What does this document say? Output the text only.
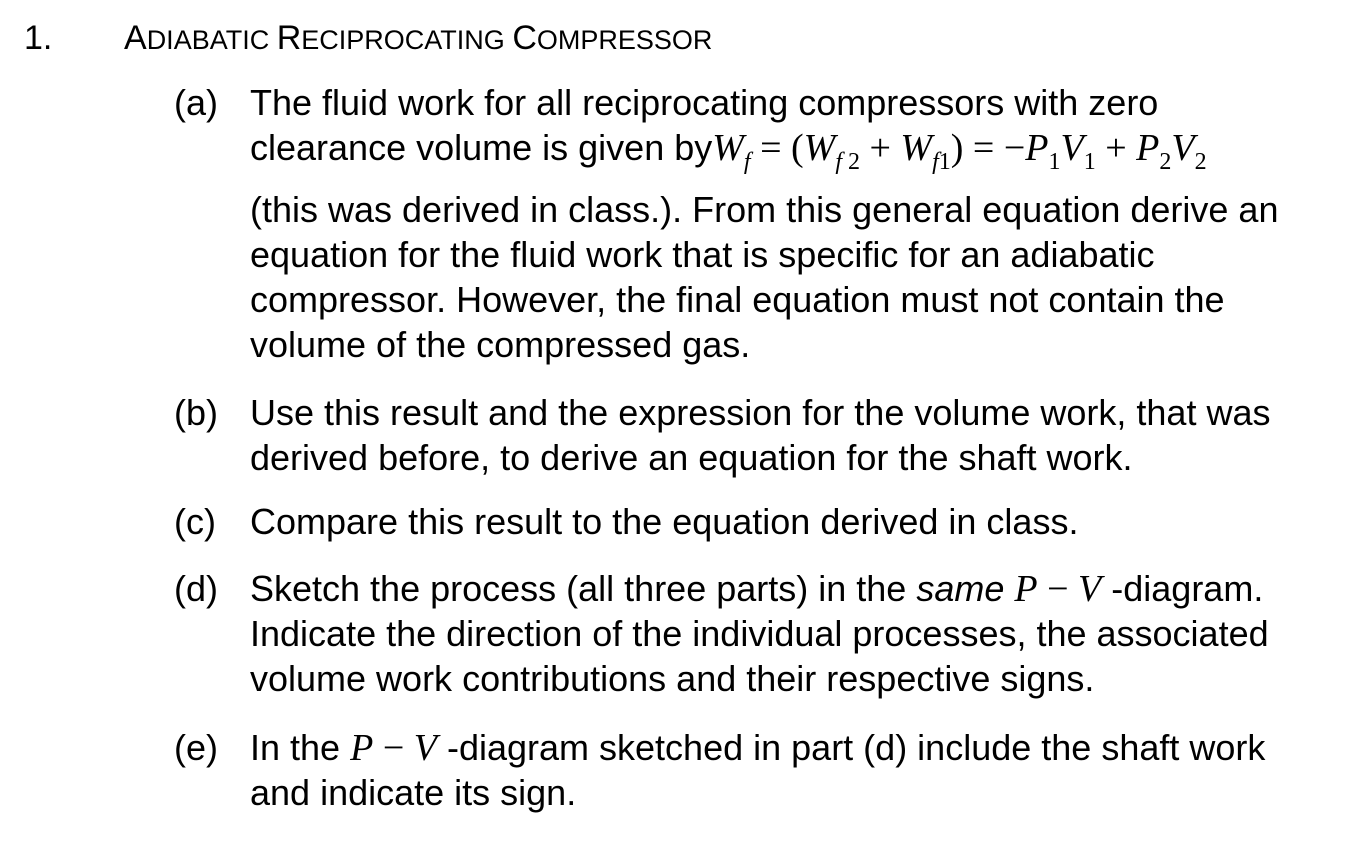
1. ADIABATIC RECIPROCATING COMPRESSOR
(a) The fluid work for all reciprocating compressors with zero
clearance volume is given $byW_f = (W_{f 2} + W_{f1}) = -P_1V_1 + P_2V_2$
(this was derived in class.). From this general equation derive an
equation for the fluid work that is specific for an adiabatic
compressor. However, the final equation must not contain the
volume of the compressed gas.
(b) Use this result and the expression for the volume work, that was
derived before, to derive an equation for the shaft work.
(c) Compare this result to the equation derived in class.
(d) Sketch the process (all three parts) in the same P − V -diagram.
Indicate the direction of the individual processes, the associated
volume work contributions and their respective signs.
(e) In the P − V -diagram sketched in part (d) include the shaft work
and indicate its sign.
